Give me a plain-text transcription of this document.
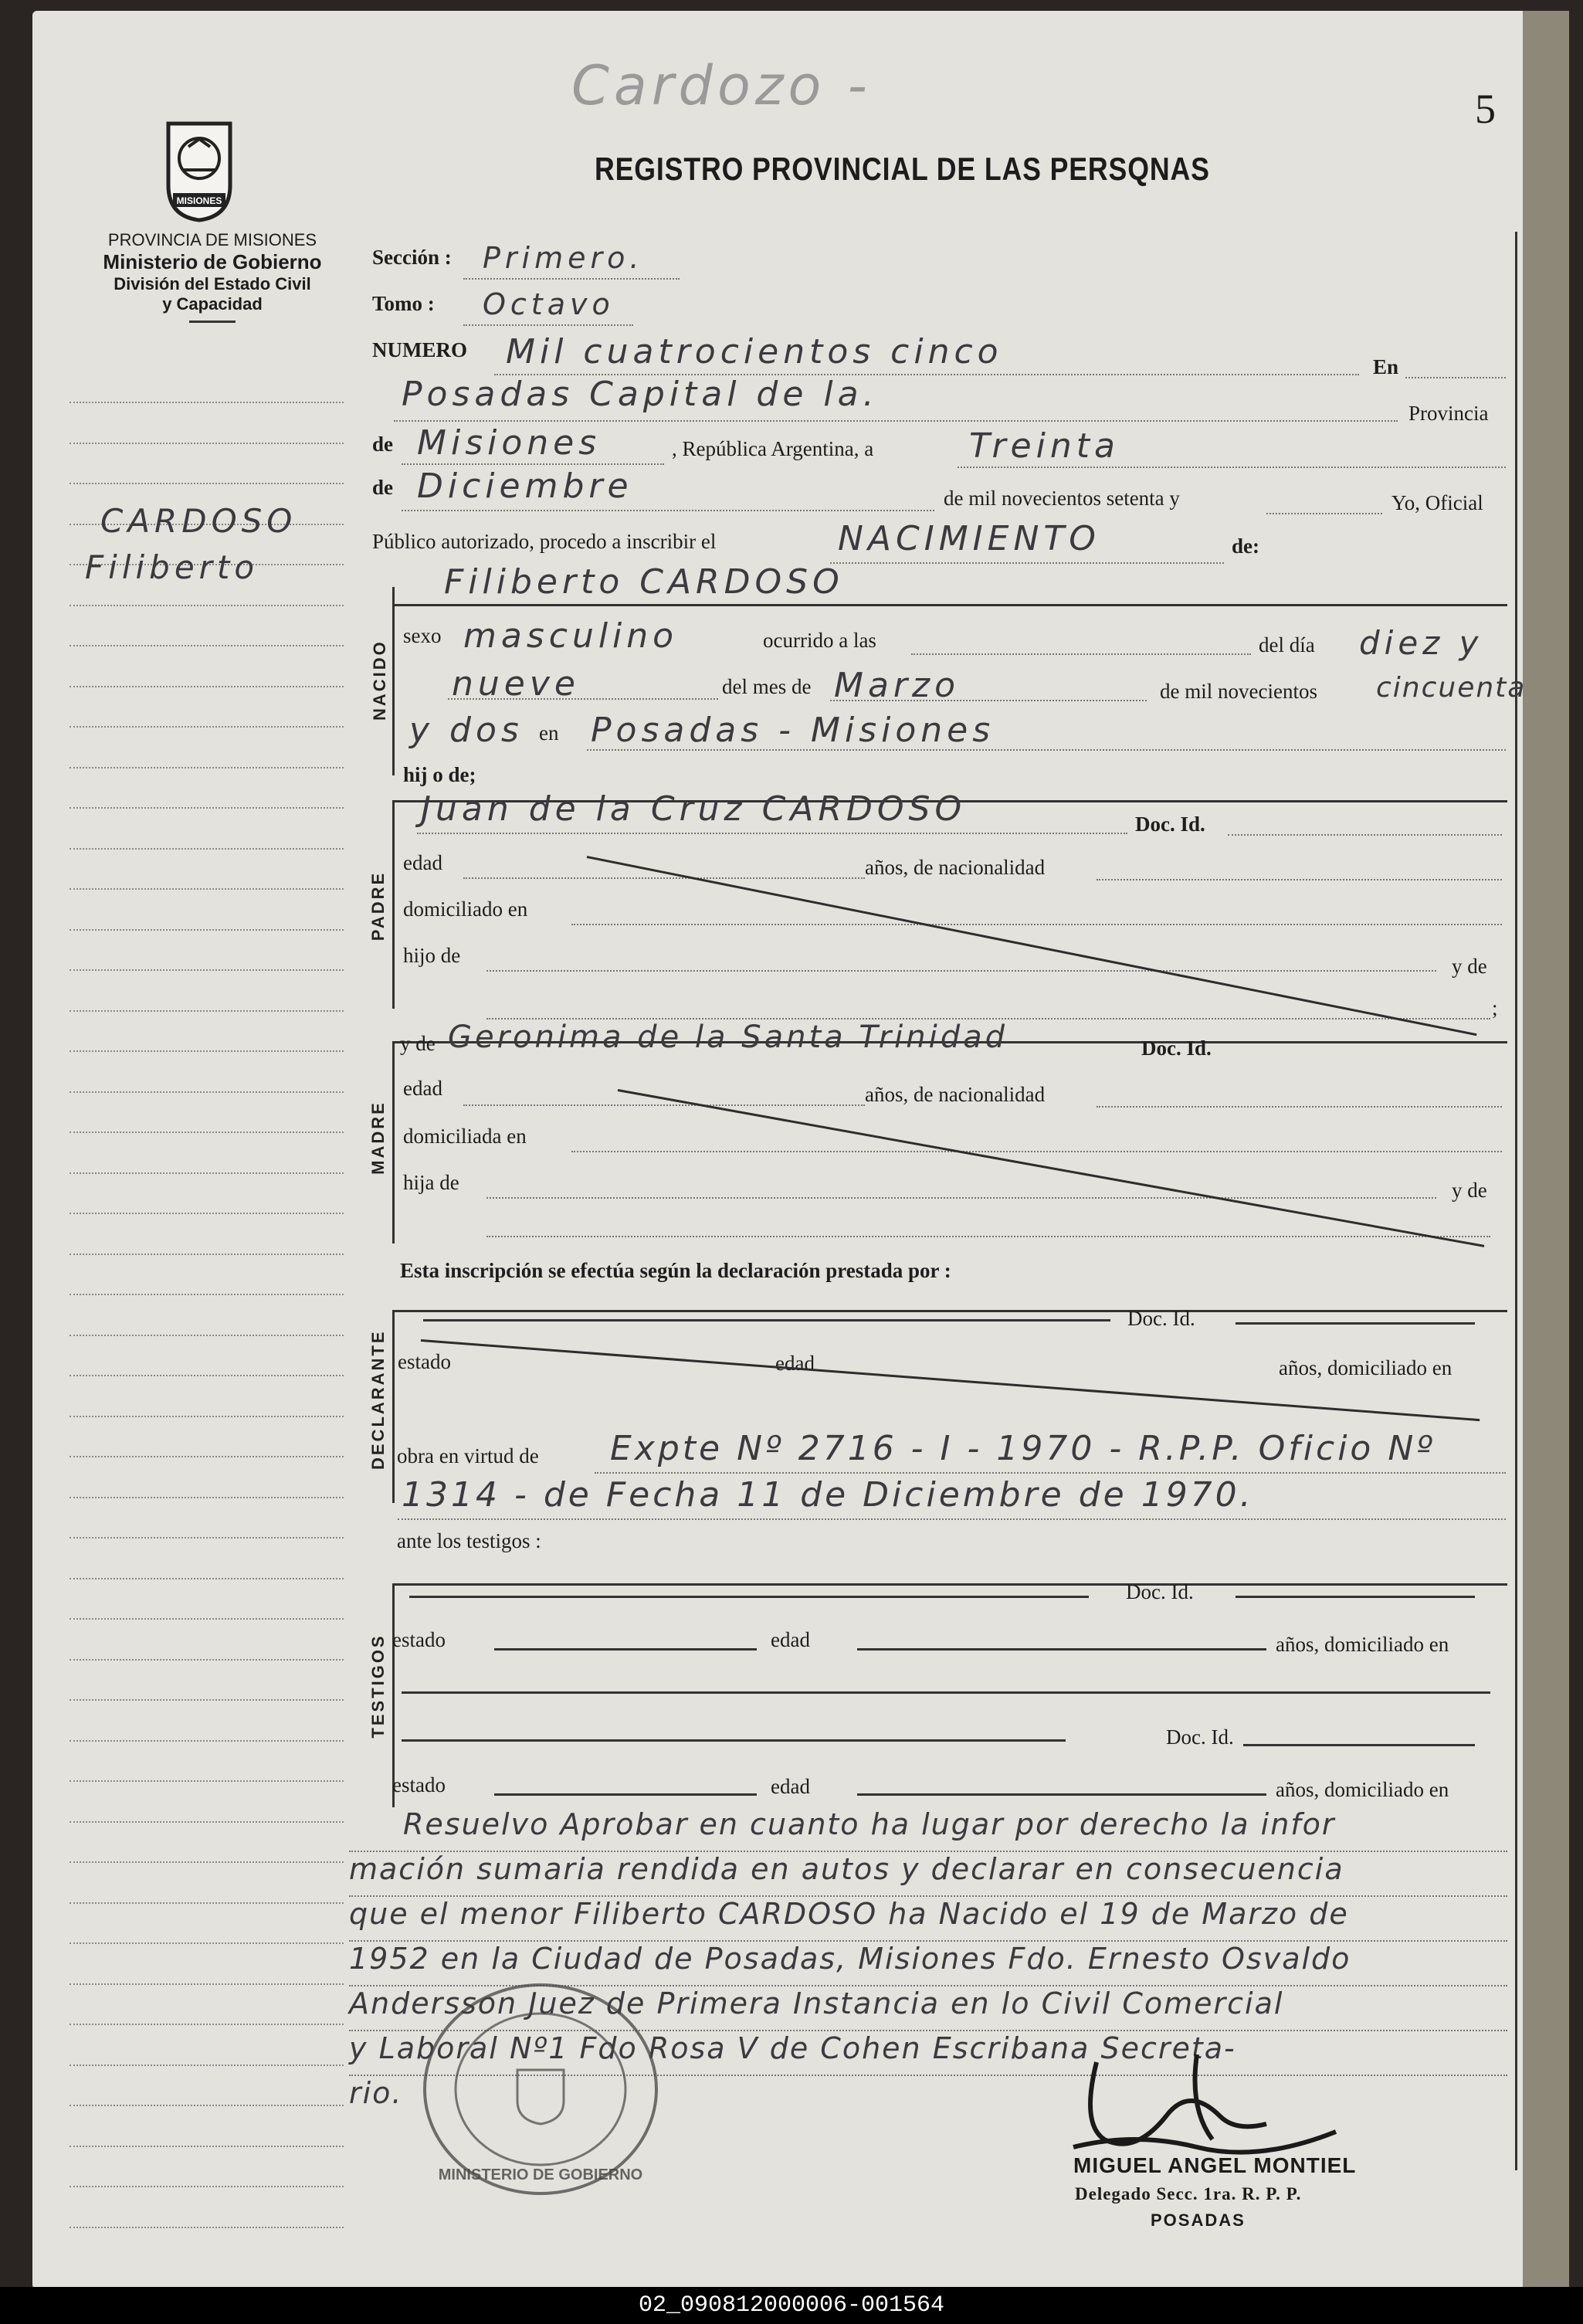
Cardozo -	5
MISIONES
PROVINCIA DE MISIONES
Ministerio de Gobierno
División del Estado Civil
y Capacidad
REGISTRO PROVINCIAL DE LAS PERSQNAS
CARDOSO
Filiberto
Sección : Primero.
Tomo : Octavo
NUMERO Mil cuatrocientos cinco	En
Posadas Capital de la.	Provincia
de Misiones	, República Argentina, a	Treinta
de Diciembre	de mil novecientos setenta y	Yo, Oficial
Público autorizado, procedo a inscribir el	NACIMIENTO	de:
Filiberto CARDOSO
NACIDO
sexo masculino	ocurrido a las	del día diez y
nueve	del mes de Marzo	de mil novecientos cincuenta
y dos en Posadas - Misiones
hij o de;
PADRE
Juan de la Cruz CARDOSO	Doc. Id.
edad	años, de nacionalidad
domiciliado en
hijo de	y de
;
MADRE
y de Geronima de la Santa Trinidad	Doc. Id.
edad	años, de nacionalidad
domiciliada en
hija de	y de
Esta inscripción se efectúa según la declaración prestada por :
DECLARANTE
Doc. Id.
estado	edad	años, domiciliado en
obra en virtud de Expte Nº 2716 - I - 1970 - R.P.P. Oficio Nº
1314 - de Fecha 11 de Diciembre de 1970.
ante los testigos :
TESTIGOS
Doc. Id.
estado	edad	años, domiciliado en
Doc. Id.
estado	edad	años, domiciliado en
Resuelvo Aprobar en cuanto ha lugar por derecho la infor
mación sumaria rendida en autos y declarar en consecuencia
que el menor Filiberto CARDOSO ha Nacido el 19 de Marzo de
1952 en la Ciudad de Posadas, Misiones Fdo. Ernesto Osvaldo
Andersson Juez de Primera Instancia en lo Civil Comercial
y Laboral Nº1 Fdo Rosa V de Cohen Escribana Secreta-
rio.
MINISTERIO DE GOBIERNO	MIGUEL ANGEL MONTIEL
Delegado Secc. 1ra. R. P. P.
POSADAS
02_090812000006-001564
